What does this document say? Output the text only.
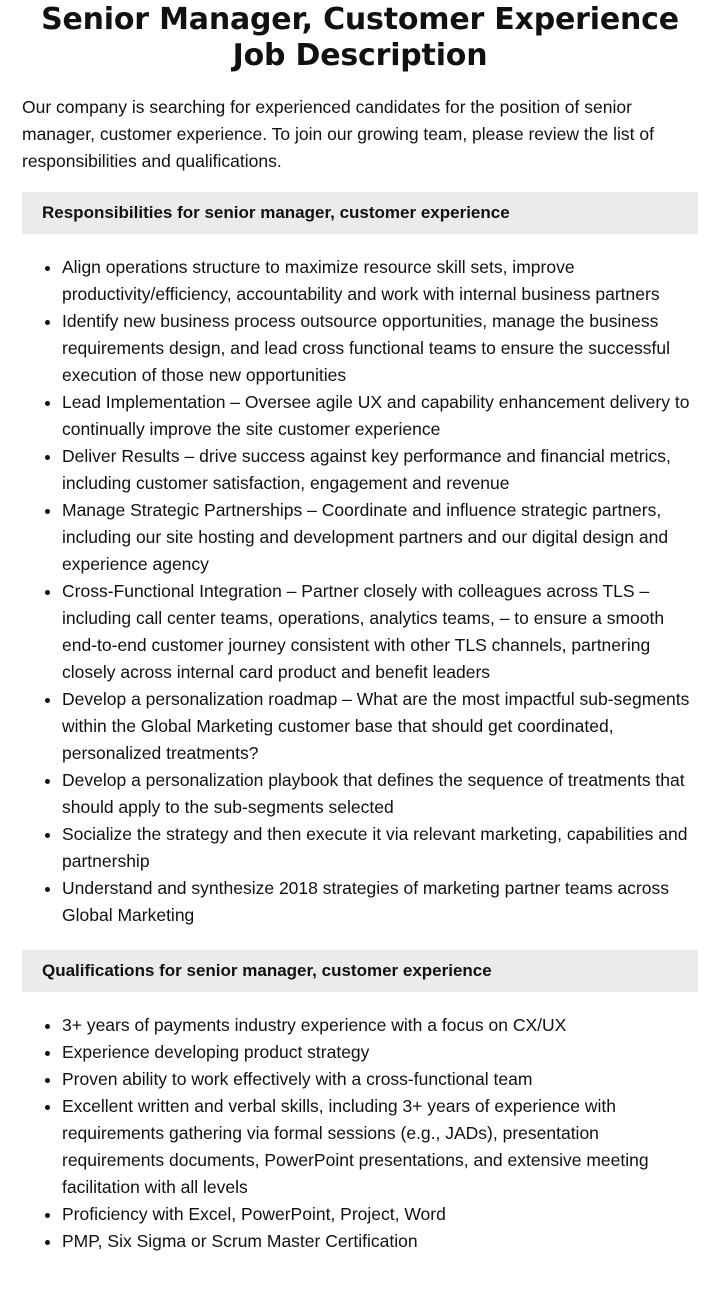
Senior Manager, Customer Experience Job Description

Our company is searching for experienced candidates for the position of senior manager, customer experience. To join our growing team, please review the list of responsibilities and qualifications.

Responsibilities for senior manager, customer experience
• Align operations structure to maximize resource skill sets, improve productivity/efficiency, accountability and work with internal business partners
• Identify new business process outsource opportunities, manage the business requirements design, and lead cross functional teams to ensure the successful execution of those new opportunities
• Lead Implementation – Oversee agile UX and capability enhancement delivery to continually improve the site customer experience
• Deliver Results – drive success against key performance and financial metrics, including customer satisfaction, engagement and revenue
• Manage Strategic Partnerships – Coordinate and influence strategic partners, including our site hosting and development partners and our digital design and experience agency
• Cross-Functional Integration – Partner closely with colleagues across TLS – including call center teams, operations, analytics teams, – to ensure a smooth end-to-end customer journey consistent with other TLS channels, partnering closely across internal card product and benefit leaders
• Develop a personalization roadmap – What are the most impactful sub-segments within the Global Marketing customer base that should get coordinated, personalized treatments?
• Develop a personalization playbook that defines the sequence of treatments that should apply to the sub-segments selected
• Socialize the strategy and then execute it via relevant marketing, capabilities and partnership
• Understand and synthesize 2018 strategies of marketing partner teams across Global Marketing
Qualifications for senior manager, customer experience
• 3+ years of payments industry experience with a focus on CX/UX
• Experience developing product strategy
• Proven ability to work effectively with a cross-functional team
• Excellent written and verbal skills, including 3+ years of experience with requirements gathering via formal sessions (e.g., JADs), presentation requirements documents, PowerPoint presentations, and extensive meeting facilitation with all levels
• Proficiency with Excel, PowerPoint, Project, Word
• PMP, Six Sigma or Scrum Master Certification
